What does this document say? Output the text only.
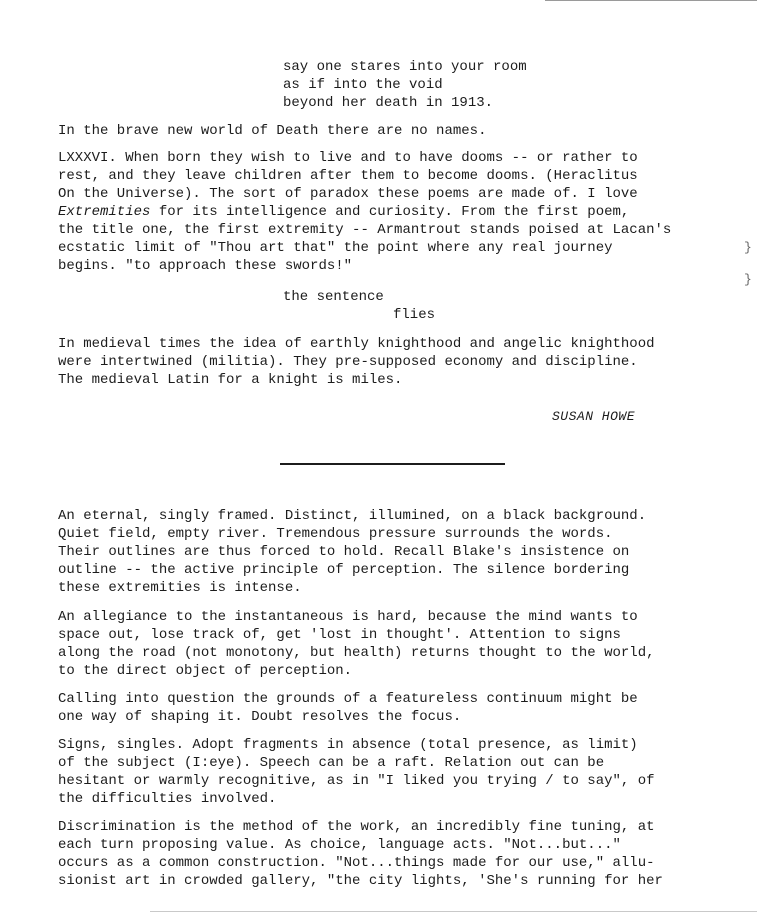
say one stares into your room

as if into the void

beyond her death in 1913.

In the brave new world of Death there are no names.

LXXXVI. When born they wish to live and to have dooms -- or rather to

rest, and they leave children after them to become dooms. (Heraclitus

On the Universe). The sort of paradox these poems are made of. I love

Extremities for its intelligence and curiosity. From the first poem,

the title one, the first extremity -- Armantrout stands poised at Lacan's

ecstatic limit of "Thou art that" the point where any real journey

begins. "to approach these swords!"

the sentence

flies

In medieval times the idea of earthly knighthood and angelic knighthood

were intertwined (militia). They pre-supposed economy and discipline.

The medieval Latin for a knight is miles.

SUSAN HOWE

An eternal, singly framed. Distinct, illumined, on a black background.

Quiet field, empty river. Tremendous pressure surrounds the words.

Their outlines are thus forced to hold. Recall Blake's insistence on

outline -- the active principle of perception. The silence bordering

these extremities is intense.

An allegiance to the instantaneous is hard, because the mind wants to

space out, lose track of, get 'lost in thought'. Attention to signs

along the road (not monotony, but health) returns thought to the world,

to the direct object of perception.

Calling into question the grounds of a featureless continuum might be

one way of shaping it. Doubt resolves the focus.

Signs, singles. Adopt fragments in absence (total presence, as limit)

of the subject (I:eye). Speech can be a raft. Relation out can be

hesitant or warmly recognitive, as in "I liked you trying / to say", of

the difficulties involved.

Discrimination is the method of the work, an incredibly fine tuning, at

each turn proposing value. As choice, language acts. "Not...but..."

occurs as a common construction. "Not...things made for our use," allu-

sionist art in crowded gallery, "the city lights, 'She's running for her

}
}
